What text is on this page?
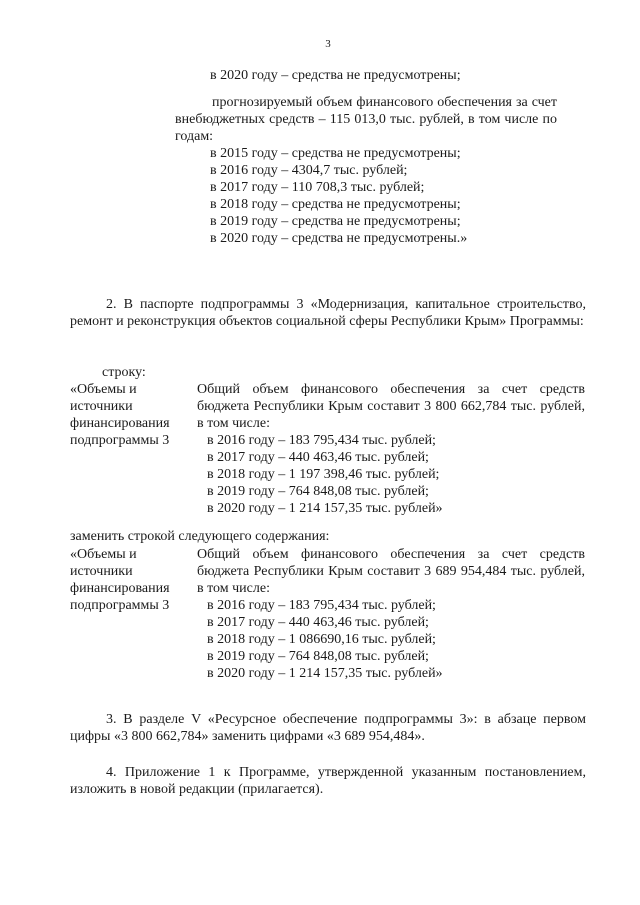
3
в 2020 году – средства не предусмотрены;
прогнозируемый объем финансового обеспечения за счет внебюджетных средств – 115 013,0 тыс. рублей, в том числе по годам:
в 2015 году – средства не предусмотрены;
в 2016 году – 4304,7 тыс. рублей;
в 2017 году – 110 708,3 тыс. рублей;
в 2018 году – средства не предусмотрены;
в 2019 году – средства не предусмотрены;
в 2020 году – средства не предусмотрены.»
2. В паспорте подпрограммы 3 «Модернизация, капитальное строительство, ремонт и реконструкция объектов социальной сферы Республики Крым» Программы:
строку:
«Объемы и
источники
финансирования
подпрограммы 3
Общий объем финансового обеспечения за счет средств бюджета Республики Крым составит 3 800 662,784 тыс. рублей, в том числе:
в 2016 году – 183 795,434 тыс. рублей;
в 2017 году – 440 463,46 тыс. рублей;
в 2018 году – 1 197 398,46 тыс. рублей;
в 2019 году – 764 848,08 тыс. рублей;
в 2020 году – 1 214 157,35 тыс. рублей»
заменить строкой следующего содержания:
«Объемы и
источники
финансирования
подпрограммы 3
Общий объем финансового обеспечения за счет средств бюджета Республики Крым составит 3 689 954,484 тыс. рублей, в том числе:
в 2016 году – 183 795,434 тыс. рублей;
в 2017 году – 440 463,46 тыс. рублей;
в 2018 году – 1 086690,16 тыс. рублей;
в 2019 году – 764 848,08 тыс. рублей;
в 2020 году – 1 214 157,35 тыс. рублей»
3. В разделе V «Ресурсное обеспечение подпрограммы 3»: в абзаце первом цифры «3 800 662,784» заменить цифрами «3 689 954,484».
4. Приложение 1 к Программе, утвержденной указанным постановлением, изложить в новой редакции (прилагается).
